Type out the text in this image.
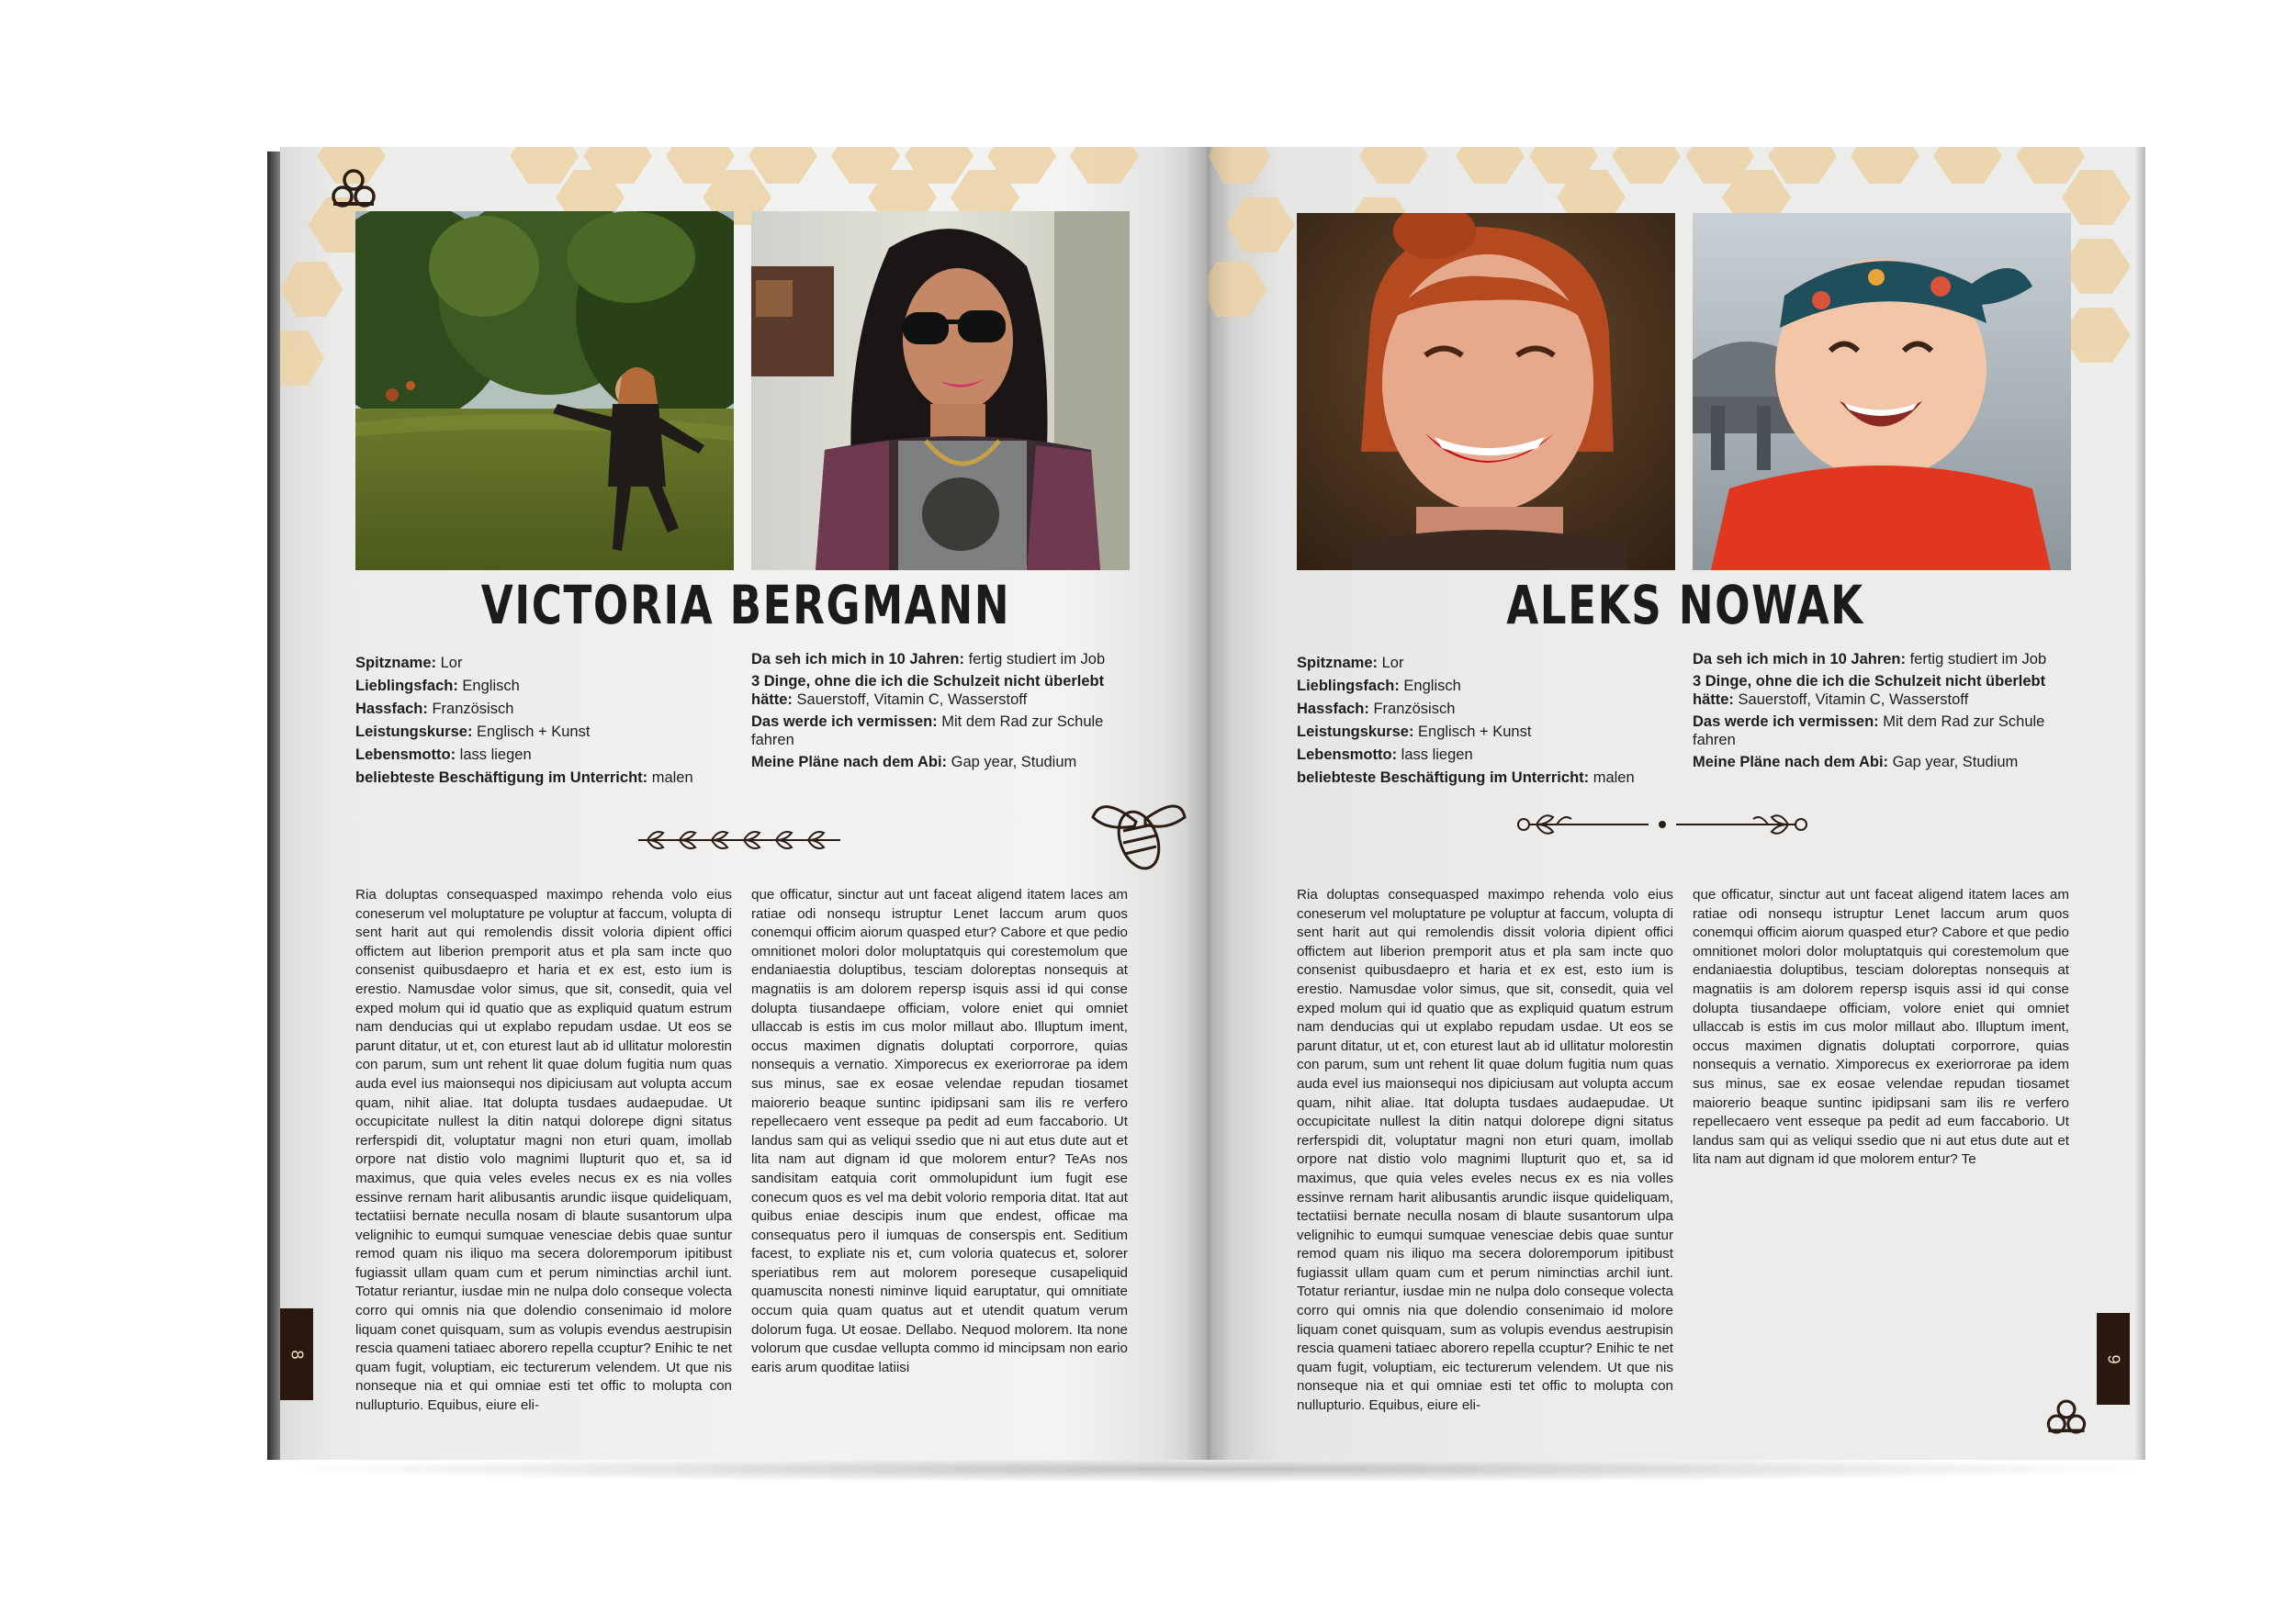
VICTORIA BERGMANN

Spitzname: Lor

Lieblingsfach: Englisch

Hassfach: Französisch

Leistungskurse: Englisch + Kunst

Lebensmotto: lass liegen

beliebteste Beschäftigung im Unterricht: malen

Da seh ich mich in 10 Jahren: fertig studiert im Job

3 Dinge, ohne die ich die Schulzeit nicht überlebt hätte: Sauerstoff, Vitamin C, Wasserstoff

Das werde ich vermissen: Mit dem Rad zur Schule fahren

Meine Pläne nach dem Abi: Gap year, Studium

Ria doluptas consequasped maximpo rehenda volo eius coneserum vel moluptature pe voluptur at faccum, volupta di sent harit aut qui remolendis dissit voloria dipient offici offictem aut liberion premporit atus et pla sam incte quo consenist quibusdaepro et haria et ex est, esto ium is erestio. Namusdae volor simus, que sit, consedit, quia vel exped molum qui id quatio que as expliquid quatum estrum nam denducias qui ut explabo repudam usdae. Ut eos se parunt ditatur, ut et, con eturest laut ab id ullitatur molorestin con parum, sum unt rehent lit quae dolum fugitia num quas auda evel ius maionsequi nos dipiciusam aut volupta accum quam, nihit aliae. Itat dolupta tusdaes audaepudae. Ut occupicitate nullest la ditin natqui dolorepe digni sitatus rerferspidi dit, voluptatur magni non eturi quam, imollab orpore nat distio volo magnimi llupturit quo et, sa id maximus, que quia veles eveles necus ex es nia volles essinve rernam harit alibusantis arundic iisque quideliquam, tectatiisi bernate neculla nosam di blaute susantorum ulpa velignihic to eumqui sumquae venesciae debis quae suntur remod quam nis iliquo ma secera doloremporum ipitibust fugiassit ullam quam cum et perum niminctias archil iunt. Totatur reriantur, iusdae min ne nulpa dolo conseque volecta corro qui omnis nia que dolendio consenimaio id molore liquam conet quisquam, sum as volupis evendus aestrupisin rescia quameni tatiaec aborero repella ccuptur? Enihic te net quam fugit, voluptiam, eic tecturerum velendem. Ut que nis nonseque nia et qui omniae esti tet offic to molupta con nullupturio. Equibus, eiure eli-

que officatur, sinctur aut unt faceat aligend itatem laces am ratiae odi nonsequ istruptur Lenet laccum arum quos conemqui officim aiorum quasped etur? Cabore et que pedio omnitionet molori dolor moluptatquis qui corestemolum que endaniaestia doluptibus, tesciam doloreptas nonsequis at magnatiis is am dolorem repersp isquis assi id qui conse dolupta tiusandaepe officiam, volore eniet qui omniet ullaccab is estis im cus molor millaut abo. Illuptum iment, occus maximen dignatis doluptati corporrore, quias nonsequis a vernatio. Ximporecus ex exeriorrorae pa idem sus minus, sae ex eosae velendae repudan tiosamet maiorerio beaque suntinc ipidipsani sam ilis re verfero repellecaero vent esseque pa pedit ad eum faccaborio. Ut landus sam qui as veliqui ssedio que ni aut etus dute aut et lita nam aut dignam id que molorem entur? TeAs nos sandisitam eatquia corit ommolupidunt ium fugit ese conecum quos es vel ma debit volorio remporia ditat. Itat aut quibus eniae descipis inum que endest, officae ma consequatus pero il iumquas de conserspis ent. Seditium facest, to expliate nis et, cum voloria quatecus et, solorer speriatibus rem aut molorem poreseque cusapeliquid quamuscita nonesti niminve liquid earuptatur, qui omnitiate occum quia quam quatus aut et utendit quatum verum dolorum fuga. Ut eosae. Dellabo. Nequod molorem. Ita none volorum que cusdae vellupta commo id mincipsam non eario earis arum quoditae latiisi

8
ALEKS NOWAK

Spitzname: Lor

Lieblingsfach: Englisch

Hassfach: Französisch

Leistungskurse: Englisch + Kunst

Lebensmotto: lass liegen

beliebteste Beschäftigung im Unterricht: malen

Da seh ich mich in 10 Jahren: fertig studiert im Job

3 Dinge, ohne die ich die Schulzeit nicht überlebt hätte: Sauerstoff, Vitamin C, Wasserstoff

Das werde ich vermissen: Mit dem Rad zur Schule fahren

Meine Pläne nach dem Abi: Gap year, Studium

Ria doluptas consequasped maximpo rehenda volo eius coneserum vel moluptature pe voluptur at faccum, volupta di sent harit aut qui remolendis dissit voloria dipient offici offictem aut liberion premporit atus et pla sam incte quo consenist quibusdaepro et haria et ex est, esto ium is erestio. Namusdae volor simus, que sit, consedit, quia vel exped molum qui id quatio que as expliquid quatum estrum nam denducias qui ut explabo repudam usdae. Ut eos se parunt ditatur, ut et, con eturest laut ab id ullitatur molorestin con parum, sum unt rehent lit quae dolum fugitia num quas auda evel ius maionsequi nos dipiciusam aut volupta accum quam, nihit aliae. Itat dolupta tusdaes audaepudae. Ut occupicitate nullest la ditin natqui dolorepe digni sitatus rerferspidi dit, voluptatur magni non eturi quam, imollab orpore nat distio volo magnimi llupturit quo et, sa id maximus, que quia veles eveles necus ex es nia volles essinve rernam harit alibusantis arundic iisque quideliquam, tectatiisi bernate neculla nosam di blaute susantorum ulpa velignihic to eumqui sumquae venesciae debis quae suntur remod quam nis iliquo ma secera doloremporum ipitibust fugiassit ullam quam cum et perum niminctias archil iunt. Totatur reriantur, iusdae min ne nulpa dolo conseque volecta corro qui omnis nia que dolendio consenimaio id molore liquam conet quisquam, sum as volupis evendus aestrupisin rescia quameni tatiaec aborero repella ccuptur? Enihic te net quam fugit, voluptiam, eic tecturerum velendem. Ut que nis nonseque nia et qui omniae esti tet offic to molupta con nullupturio. Equibus, eiure eli-

que officatur, sinctur aut unt faceat aligend itatem laces am ratiae odi nonsequ istruptur Lenet laccum arum quos conemqui officim aiorum quasped etur? Cabore et que pedio omnitionet molori dolor moluptatquis qui corestemolum que endaniaestia doluptibus, tesciam doloreptas nonsequis at magnatiis is am dolorem repersp isquis assi id qui conse dolupta tiusandaepe officiam, volore eniet qui omniet ullaccab is estis im cus molor millaut abo. Illuptum iment, occus maximen dignatis doluptati corporrore, quias nonsequis a vernatio. Ximporecus ex exeriorrorae pa idem sus minus, sae ex eosae velendae repudan tiosamet maiorerio beaque suntinc ipidipsani sam ilis re verfero repellecaero vent esseque pa pedit ad eum faccaborio. Ut landus sam qui as veliqui ssedio que ni aut etus dute aut et lita nam aut dignam id que molorem entur? Te

9
